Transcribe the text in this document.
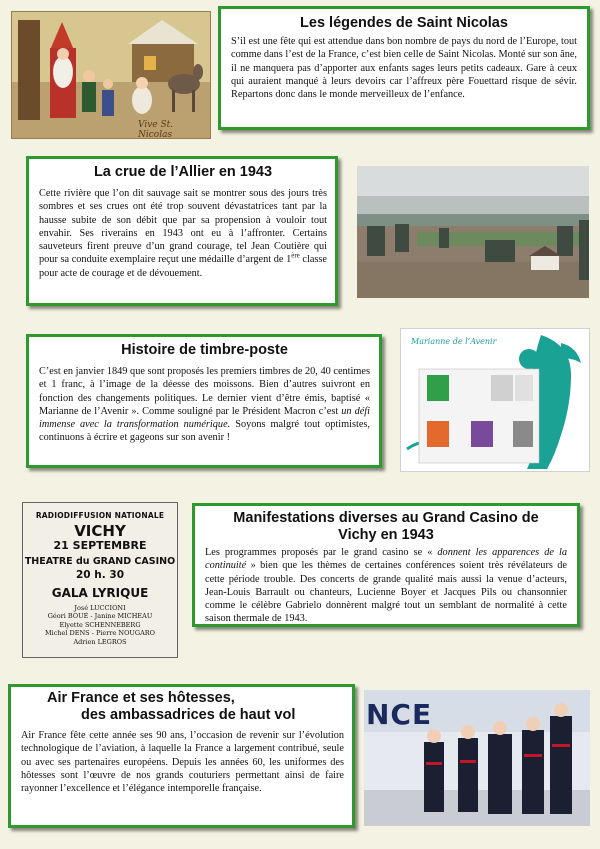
Vive St. Nicolas
Les légendes de Saint Nicolas

S’il est une fête qui est attendue dans bon nombre de pays du nord de l’Europe, tout comme dans l’est de la France, c’est bien celle de Saint Nicolas. Monté sur son âne, il ne manquera pas d’apporter aux enfants sages leurs petits cadeaux. Gare à ceux qui auraient manqué à leurs devoirs car l’affreux père Fouettard risque de sévir. Repartons donc dans le monde merveilleux de l’enfance.

La crue de l’Allier en 1943

Cette rivière que l’on dit sauvage sait se montrer sous des jours très sombres et ses crues ont été trop souvent dévastatrices tant par la hausse subite de son débit que par sa propension à vouloir tout envahir. Ses riverains en 1943 ont eu à l’affronter. Certains sauveteurs firent preuve d’un grand courage, tel Jean Coutière qui pour sa conduite exemplaire reçut une médaille d’argent de 1ère classe pour acte de courage et de dévouement.

Histoire de timbre-poste

C’est en janvier 1849 que sont proposés les premiers timbres de 20, 40 centimes et 1 franc, à l’image de la déesse des moissons. Bien d’autres suivront en fonction des changements politiques. Le dernier vient d’être émis, baptisé « Marianne de l’Avenir ». Comme souligné par le Président Macron c’est un défi immense avec la transformation numérique. Soyons malgré tout optimistes, continuons à écrire et gageons sur son avenir !

Marianne de l’Avenir
RADIODIFFUSION NATIONALE
VICHY
21 SEPTEMBRE
THEATRE du GRAND CASINO
20 h. 30
GALA LYRIQUE
José LUCCIONI
Géori BOUÉ - Janine MICHEAU
Elyette SCHENNEBERG
Michel DENS - Pierre NOUGARO
Adrien LEGROS
Manifestations diverses au Grand Casino de Vichy en 1943

Les programmes proposés par le grand casino se « donnent les apparences de la continuité » bien que les thèmes de certaines conférences soient très révélateurs de cette période trouble. Des concerts de grande qualité mais aussi la venue d’acteurs, Jean-Louis Barrault ou chanteurs, Lucienne Boyer et Jacques Pils ou chansonnier comme le célèbre Gabrielo donnèrent malgré tout un semblant de normalité à cette saison thermale de 1943.

Air France et ses hôtesses,
des ambassadrices de haut vol

Air France fête cette année ses 90 ans, l’occasion de revenir sur l’évolution technologique de l’aviation, à laquelle la France a largement contribué, seule ou avec ses partenaires européens. Depuis les années 60, les uniformes des hôtesses sont l’œuvre de nos grands couturiers permettant ainsi de faire rayonner l’excellence et l’élégance intemporelle française.

NCE
